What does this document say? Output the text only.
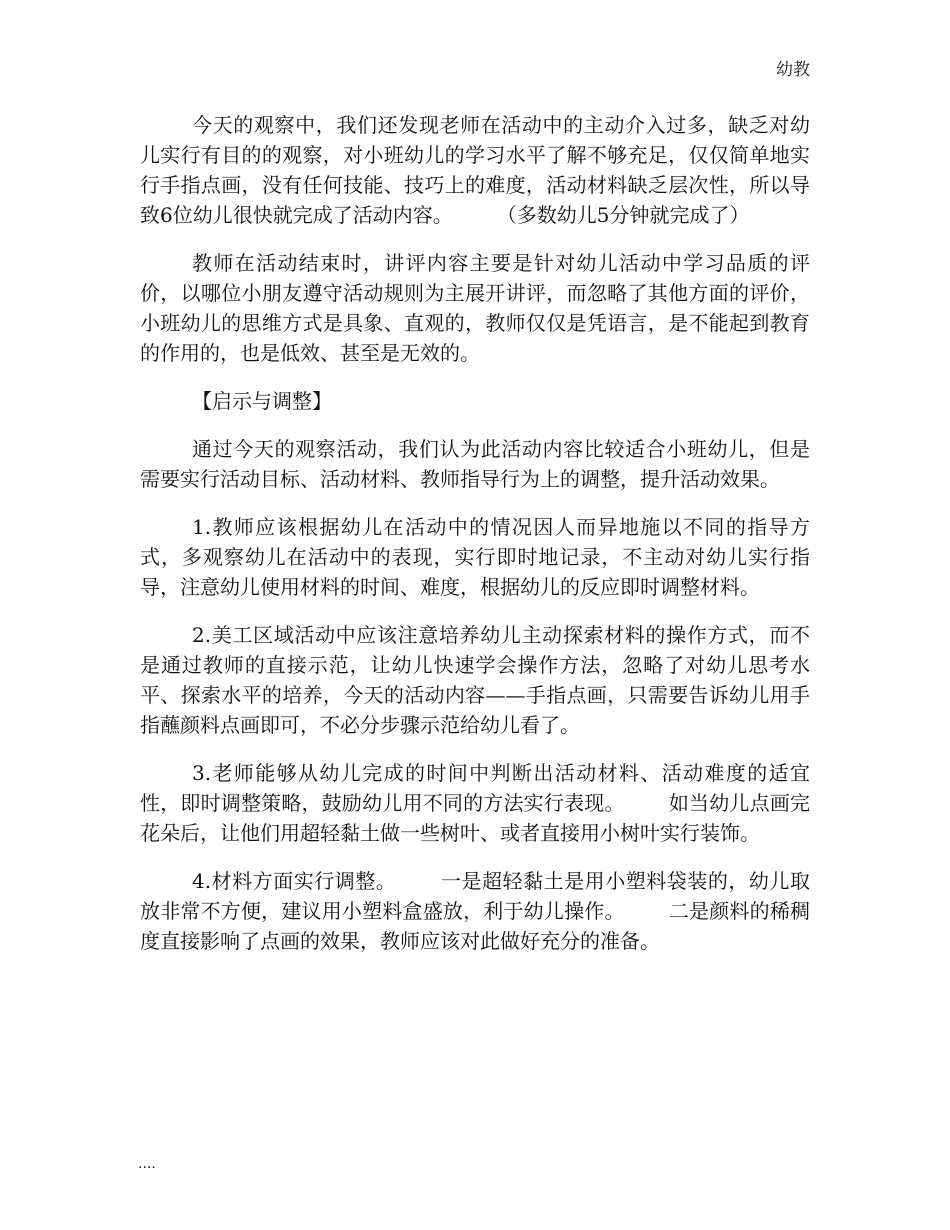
幼教

今天的观察中，我们还发现老师在活动中的主动介入过多，缺乏对幼儿实行有目的的观察，对小班幼儿的学习水平了解不够充足，仅仅简单地实行手指点画，没有任何技能、技巧上的难度，活动材料缺乏层次性，所以导致6位幼儿很快就完成了活动内容。 （多数幼儿5分钟就完成了）

教师在活动结束时，讲评内容主要是针对幼儿活动中学习品质的评价，以哪位小朋友遵守活动规则为主展开讲评，而忽略了其他方面的评价，小班幼儿的思维方式是具象、直观的，教师仅仅是凭语言，是不能起到教育的作用的，也是低效、甚至是无效的。

【启示与调整】

通过今天的观察活动，我们认为此活动内容比较适合小班幼儿，但是需要实行活动目标、活动材料、教师指导行为上的调整，提升活动效果。

1.教师应该根据幼儿在活动中的情况因人而异地施以不同的指导方式，多观察幼儿在活动中的表现，实行即时地记录，不主动对幼儿实行指导，注意幼儿使用材料的时间、难度，根据幼儿的反应即时调整材料。

2.美工区域活动中应该注意培养幼儿主动探索材料的操作方式，而不是通过教师的直接示范，让幼儿快速学会操作方法，忽略了对幼儿思考水平、探索水平的培养，今天的活动内容——手指点画，只需要告诉幼儿用手指蘸颜料点画即可，不必分步骤示范给幼儿看了。

3.老师能够从幼儿完成的时间中判断出活动材料、活动难度的适宜性，即时调整策略，鼓励幼儿用不同的方法实行表现。 如当幼儿点画完花朵后，让他们用超轻黏土做一些树叶、或者直接用小树叶实行装饰。

4.材料方面实行调整。 一是超轻黏土是用小塑料袋装的，幼儿取放非常不方便，建议用小塑料盒盛放，利于幼儿操作。 二是颜料的稀稠度直接影响了点画的效果，教师应该对此做好充分的准备。

....
